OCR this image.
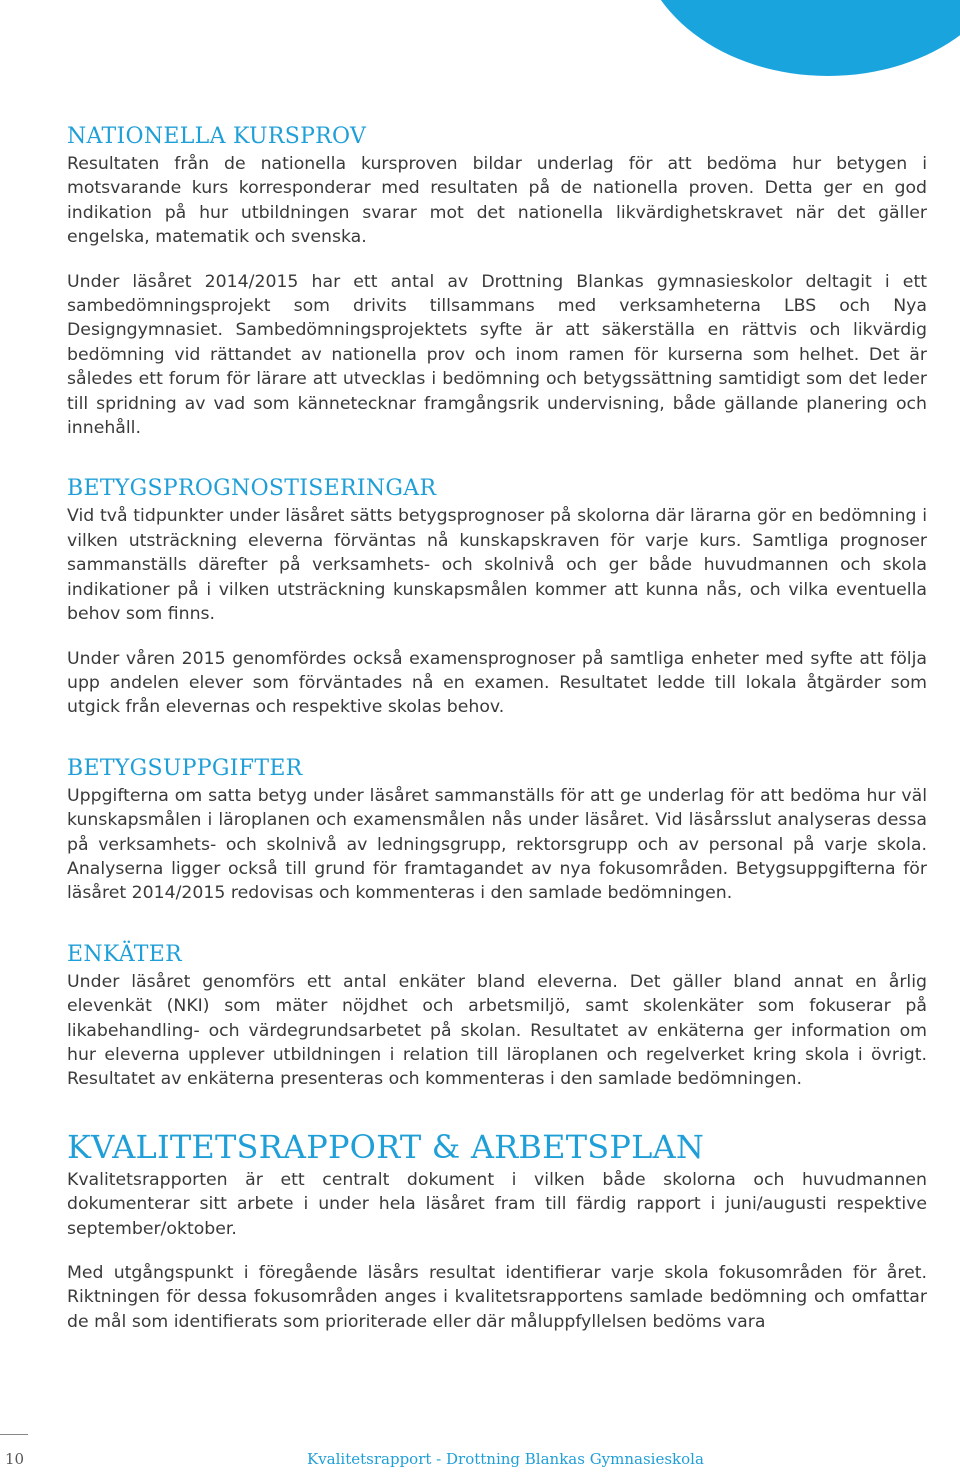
NATIONELLA KURSPROV

Resultaten från de nationella kursproven bildar underlag för att bedöma hur betygen i motsvarande kurs korresponderar med resultaten på de nationella proven. Detta ger en god indikation på hur utbildningen svarar mot det nationella likvärdighetskravet när det gäller engelska, matematik och svenska.

Under läsåret 2014/2015 har ett antal av Drottning Blankas gymnasieskolor deltagit i ett sambedömningsprojekt som drivits tillsammans med verksamheterna LBS och Nya Designgymnasiet. Sambedömningsprojektets syfte är att säkerställa en rättvis och likvärdig bedömning vid rättandet av nationella prov och inom ramen för kurserna som helhet. Det är således ett forum för lärare att utvecklas i bedömning och betygssättning samtidigt som det leder till spridning av vad som kännetecknar framgångsrik undervisning, både gällande planering och innehåll.

BETYGSPROGNOSTISERINGAR

Vid två tidpunkter under läsåret sätts betygsprognoser på skolorna där lärarna gör en bedömning i vilken utsträckning eleverna förväntas nå kunskapskraven för varje kurs. Samtliga prognoser sammanställs därefter på verksamhets- och skolnivå och ger både huvudmannen och skola indikationer på i vilken utsträckning kunskapsmålen kommer att kunna nås, och vilka eventuella behov som finns.

Under våren 2015 genomfördes också examensprognoser på samtliga enheter med syfte att följa upp andelen elever som förväntades nå en examen. Resultatet ledde till lokala åtgärder som utgick från elevernas och respektive skolas behov.

BETYGSUPPGIFTER

Uppgifterna om satta betyg under läsåret sammanställs för att ge underlag för att bedöma hur väl kunskapsmålen i läroplanen och examensmålen nås under läsåret. Vid läsårsslut analyseras dessa på verksamhets- och skolnivå av ledningsgrupp, rektorsgrupp och av personal på varje skola. Analyserna ligger också till grund för framtagandet av nya fokusområden. Betygsuppgifterna för läsåret 2014/2015 redovisas och kommenteras i den samlade bedömningen.

ENKÄTER

Under läsåret genomförs ett antal enkäter bland eleverna. Det gäller bland annat en årlig elevenkät (NKI) som mäter nöjdhet och arbetsmiljö, samt skolenkäter som fokuserar på likabehandling- och värdegrundsarbetet på skolan. Resultatet av enkäterna ger information om hur eleverna upplever utbildningen i relation till läroplanen och regelverket kring skola i övrigt. Resultatet av enkäterna presenteras och kommenteras i den samlade bedömningen.

KVALITETSRAPPORT & ARBETSPLAN

Kvalitetsrapporten är ett centralt dokument i vilken både skolorna och huvudmannen dokumenterar sitt arbete i under hela läsåret fram till färdig rapport i juni/augusti respektive september/oktober.

Med utgångspunkt i föregående läsårs resultat identifierar varje skola fokusområden för året. Riktningen för dessa fokusområden anges i kvalitetsrapportens samlade bedömning och omfattar de mål som identifierats som prioriterade eller där måluppfyllelsen bedöms vara

10	Kvalitetsrapport - Drottning Blankas Gymnasieskola
